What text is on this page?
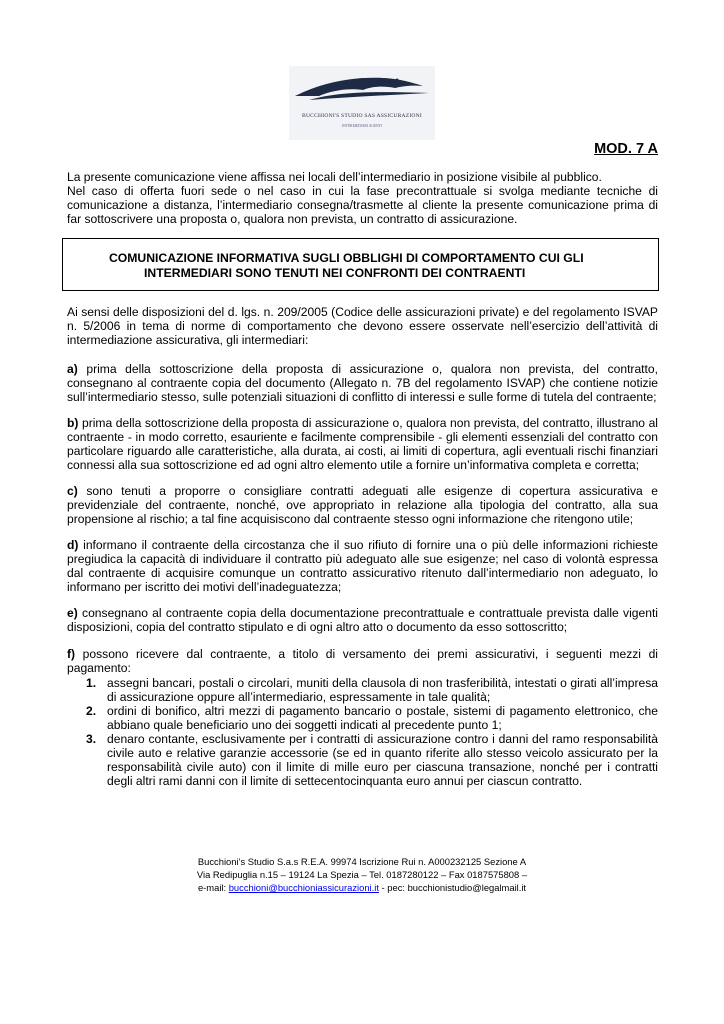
BUCCHIONI'S STUDIO SAS ASSICURAZIONI
INTERMEDIARI AGENTI
MOD. 7 A

La presente comunicazione viene affissa nei locali dell’intermediario in posizione visibile al pubblico.

Nel caso di offerta fuori sede o nel caso in cui la fase precontrattuale si svolga mediante tecniche di comunicazione a distanza, l’intermediario consegna/trasmette al cliente la presente comunicazione prima di far sottoscrivere una proposta o, qualora non prevista, un contratto di assicurazione.

COMUNICAZIONE INFORMATIVA SUGLI OBBLIGHI DI COMPORTAMENTO CUI GLI
INTERMEDIARI SONO TENUTI NEI CONFRONTI DEI CONTRAENTI
Ai sensi delle disposizioni del d. lgs. n. 209/2005 (Codice delle assicurazioni private) e del regolamento ISVAP n. 5/2006 in tema di norme di comportamento che devono essere osservate nell’esercizio dell’attività di intermediazione assicurativa, gli intermediari:
a) prima della sottoscrizione della proposta di assicurazione o, qualora non prevista, del contratto, consegnano al contraente copia del documento (Allegato n. 7B del regolamento ISVAP) che contiene notizie sull’intermediario stesso, sulle potenziali situazioni di conflitto di interessi e sulle forme di tutela del contraente;
b) prima della sottoscrizione della proposta di assicurazione o, qualora non prevista, del contratto, illustrano al contraente - in modo corretto, esauriente e facilmente comprensibile - gli elementi essenziali del contratto con particolare riguardo alle caratteristiche, alla durata, ai costi, ai limiti di copertura, agli eventuali rischi finanziari connessi alla sua sottoscrizione ed ad ogni altro elemento utile a fornire un’informativa completa e corretta;
c) sono tenuti a proporre o consigliare contratti adeguati alle esigenze di copertura assicurativa e previdenziale del contraente, nonché, ove appropriato in relazione alla tipologia del contratto, alla sua propensione al rischio; a tal fine acquisiscono dal contraente stesso ogni informazione che ritengono utile;
d) informano il contraente della circostanza che il suo rifiuto di fornire una o più delle informazioni richieste pregiudica la capacità di individuare il contratto più adeguato alle sue esigenze; nel caso di volontà espressa dal contraente di acquisire comunque un contratto assicurativo ritenuto dall’intermediario non adeguato, lo informano per iscritto dei motivi dell’inadeguatezza;
e) consegnano al contraente copia della documentazione precontrattuale e contrattuale prevista dalle vigenti disposizioni, copia del contratto stipulato e di ogni altro atto o documento da esso sottoscritto;
f) possono ricevere dal contraente, a titolo di versamento dei premi assicurativi, i seguenti mezzi di pagamento:
1. assegni bancari, postali o circolari, muniti della clausola di non trasferibilità, intestati o girati all’impresa di assicurazione oppure all’intermediario, espressamente in tale qualità;
2. ordini di bonifico, altri mezzi di pagamento bancario o postale, sistemi di pagamento elettronico, che abbiano quale beneficiario uno dei soggetti indicati al precedente punto 1;
3. denaro contante, esclusivamente per i contratti di assicurazione contro i danni del ramo responsabilità civile auto e relative garanzie accessorie (se ed in quanto riferite allo stesso veicolo assicurato per la responsabilità civile auto) con il limite di mille euro per ciascuna transazione, nonché per i contratti degli altri rami danni con il limite di settecentocinquanta euro annui per ciascun contratto.
Bucchioni’s Studio S.a.s R.E.A. 99974 Iscrizione Rui n. A000232125 Sezione A
Via Redipuglia n.15 – 19124 La Spezia – Tel. 0187280122 – Fax 0187575808 –
e-mail: bucchioni@bucchioniassicurazioni.it - pec: bucchionistudio@legalmail.it
